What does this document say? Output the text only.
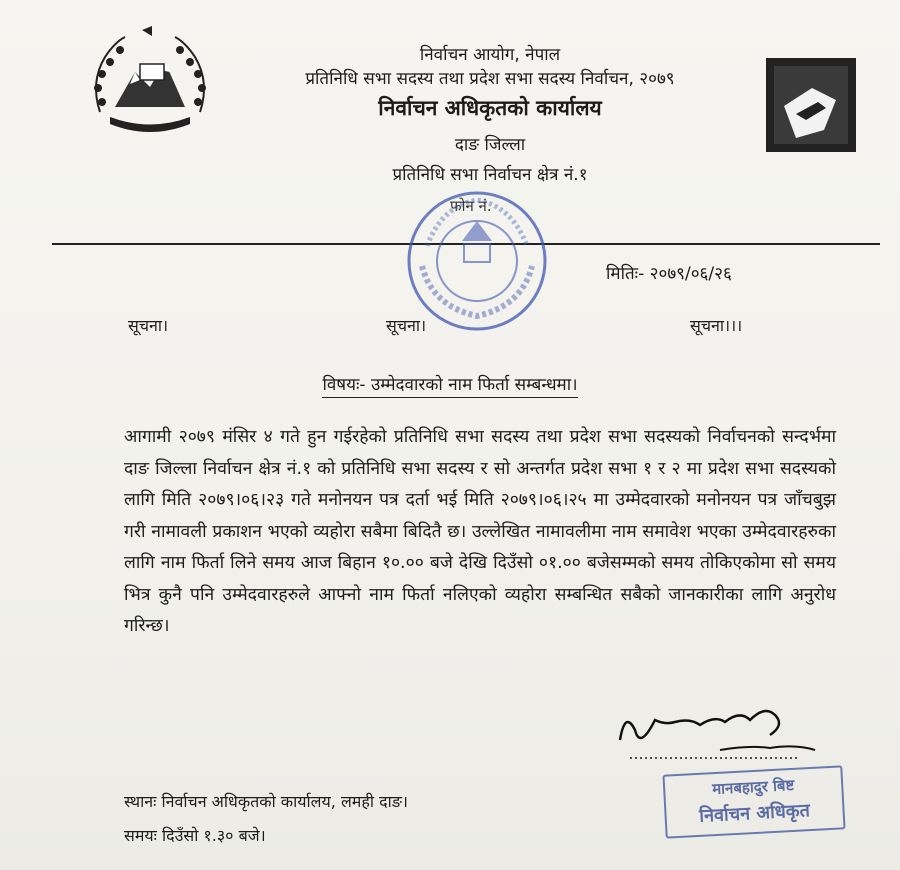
निर्वाचन आयोग, नेपाल
प्रतिनिधि सभा सदस्य तथा प्रदेश सभा सदस्य निर्वाचन, २०७९
निर्वाचन अधिकृतको कार्यालय
दाङ जिल्ला
प्रतिनिधि सभा निर्वाचन क्षेत्र नं.१
फोन नं.
मितिः- २०७९/०६/२६
सूचना।	सूचना।	सूचना।।।
विषयः- उम्मेदवारको नाम फिर्ता सम्बन्धमा।
आगामी २०७९ मंसिर ४ गते हुन गईरहेको प्रतिनिधि सभा सदस्य तथा प्रदेश सभा सदस्यको निर्वाचनको सन्दर्भमा दाङ जिल्ला निर्वाचन क्षेत्र नं.१ को प्रतिनिधि सभा सदस्य र सो अन्तर्गत प्रदेश सभा १ र २ मा प्रदेश सभा सदस्यको लागि मिति २०७९।०६।२३ गते मनोनयन पत्र दर्ता भई मिति २०७९।०६।२५ मा उम्मेदवारको मनोनयन पत्र जाँचबुझ गरी नामावली प्रकाशन भएको व्यहोरा सबैमा बिदितै छ। उल्लेखित नामावलीमा नाम समावेश भएका उम्मेदवारहरुका लागि नाम फिर्ता लिने समय आज बिहान १०.०० बजे देखि दिउँसो ०१.०० बजेसम्मको समय तोकिएकोमा सो समय भित्र कुनै पनि उम्मेदवारहरुले आफ्नो नाम फिर्ता नलिएको व्यहोरा सम्बन्धित सबैको जानकारीका लागि अनुरोध गरिन्छ।
मानबहादुर बिष्ट
निर्वाचन अधिकृत
स्थानः निर्वाचन अधिकृतको कार्यालय, लमही दाङ।
समयः दिउँसो १.३० बजे।
